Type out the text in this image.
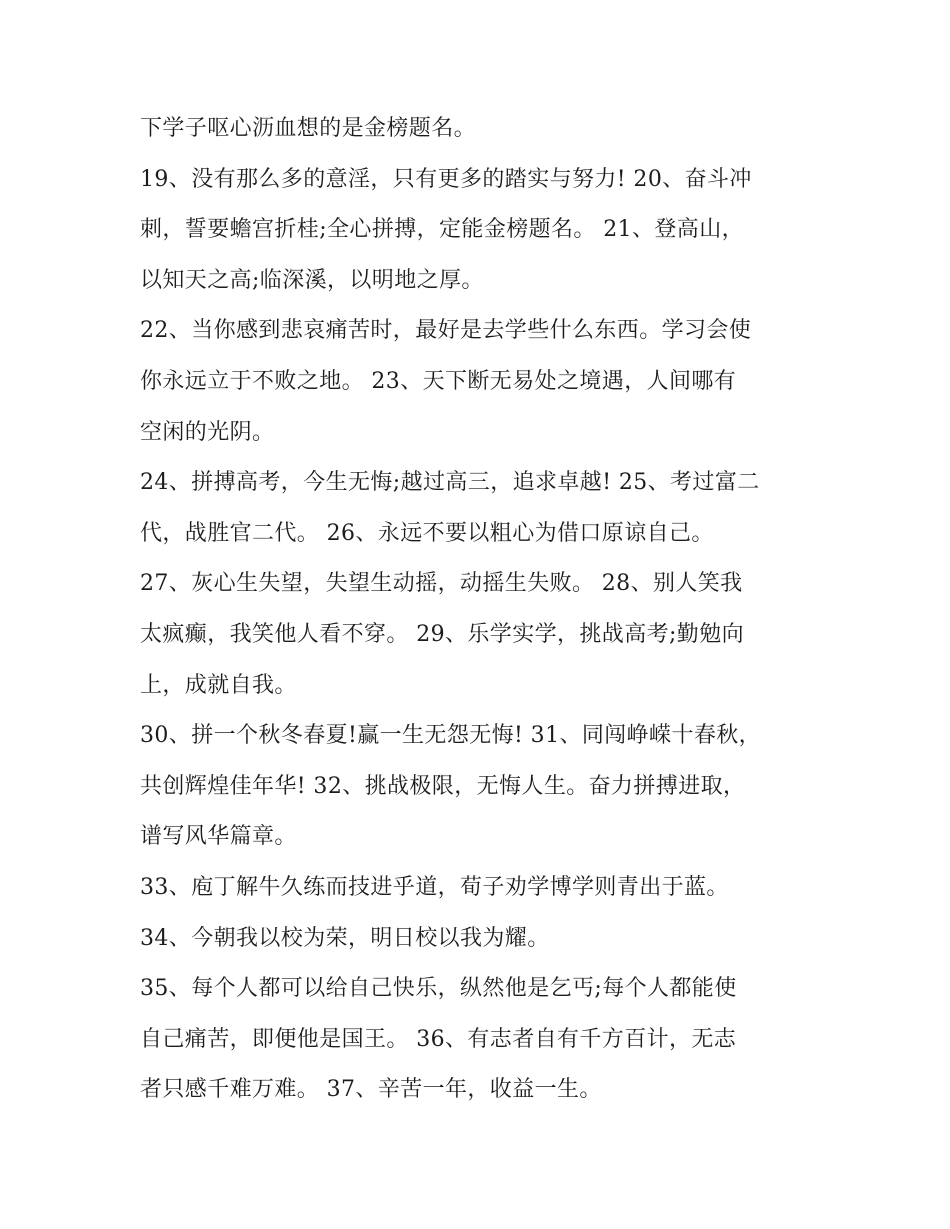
下学子呕心沥血想的是金榜题名。
19、没有那么多的意淫，只有更多的踏实与努力! 20、奋斗冲
刺，誓要蟾宫折桂;全心拼搏，定能金榜题名。 21、登高山，
以知天之高;临深溪，以明地之厚。
22、当你感到悲哀痛苦时，最好是去学些什么东西。学习会使
你永远立于不败之地。 23、天下断无易处之境遇，人间哪有
空闲的光阴。
24、拼搏高考，今生无悔;越过高三，追求卓越! 25、考过富二
代，战胜官二代。 26、永远不要以粗心为借口原谅自己。
27、灰心生失望，失望生动摇，动摇生失败。 28、别人笑我
太疯癫，我笑他人看不穿。 29、乐学实学，挑战高考;勤勉向
上，成就自我。
30、拼一个秋冬春夏!赢一生无怨无悔! 31、同闯峥嵘十春秋，
共创辉煌佳年华! 32、挑战极限，无悔人生。奋力拼搏进取，
谱写风华篇章。
33、庖丁解牛久练而技进乎道，荀子劝学博学则青出于蓝。
34、今朝我以校为荣，明日校以我为耀。
35、每个人都可以给自己快乐，纵然他是乞丐;每个人都能使
自己痛苦，即便他是国王。 36、有志者自有千方百计，无志
者只感千难万难。 37、辛苦一年，收益一生。
